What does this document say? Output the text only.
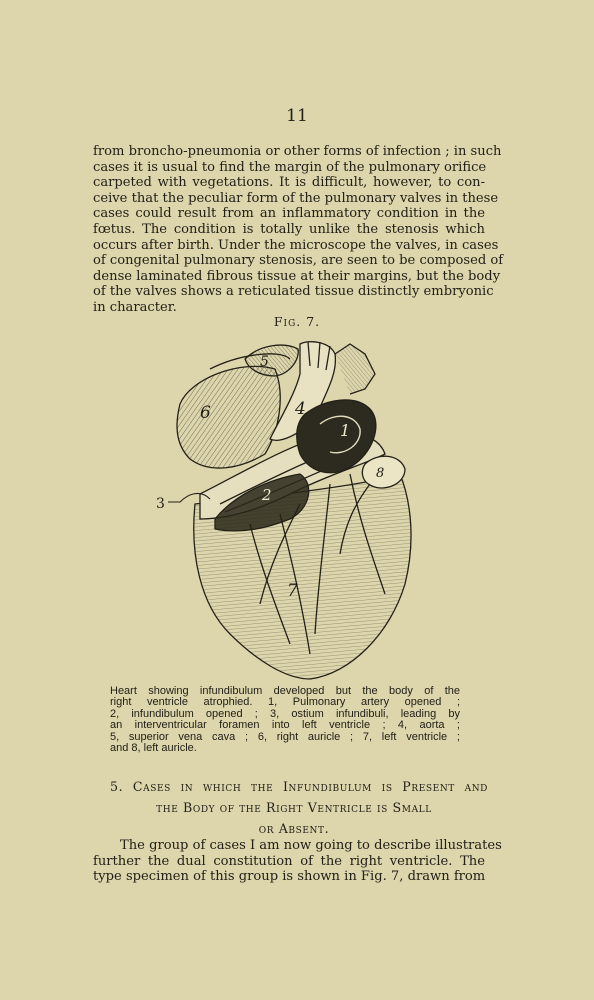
11
from broncho-pneumonia or other forms of infection ; in such
cases it is usual to find the margin of the pulmonary orifice
carpeted with vegetations. It is difficult, however, to con-
ceive that the peculiar form of the pulmonary valves in these
cases could result from an inflammatory condition in the
fœtus. The condition is totally unlike the stenosis which
occurs after birth. Under the microscope the valves, in cases
of congenital pulmonary stenosis, are seen to be composed of
dense laminated fibrous tissue at their margins, but the body
of the valves shows a reticulated tissue distinctly embryonic
in character.
Fig. 7.
3
6
5
4
1
8
2
7
Heart showing infundibulum developed but the body of the
right ventricle atrophied. 1, Pulmonary artery opened ;
2, infundibulum opened ; 3, ostium infundibuli, leading by
an interventricular foramen into left ventricle ; 4, aorta ;
5, superior vena cava ; 6, right auricle ; 7, left ventricle ;
and 8, left auricle.
5. Cases in which the Infundibulum is Present and
the Body of the Right Ventricle is Small
or Absent.
The group of cases I am now going to describe illustrates
further the dual constitution of the right ventricle. The
type specimen of this group is shown in Fig. 7, drawn from
